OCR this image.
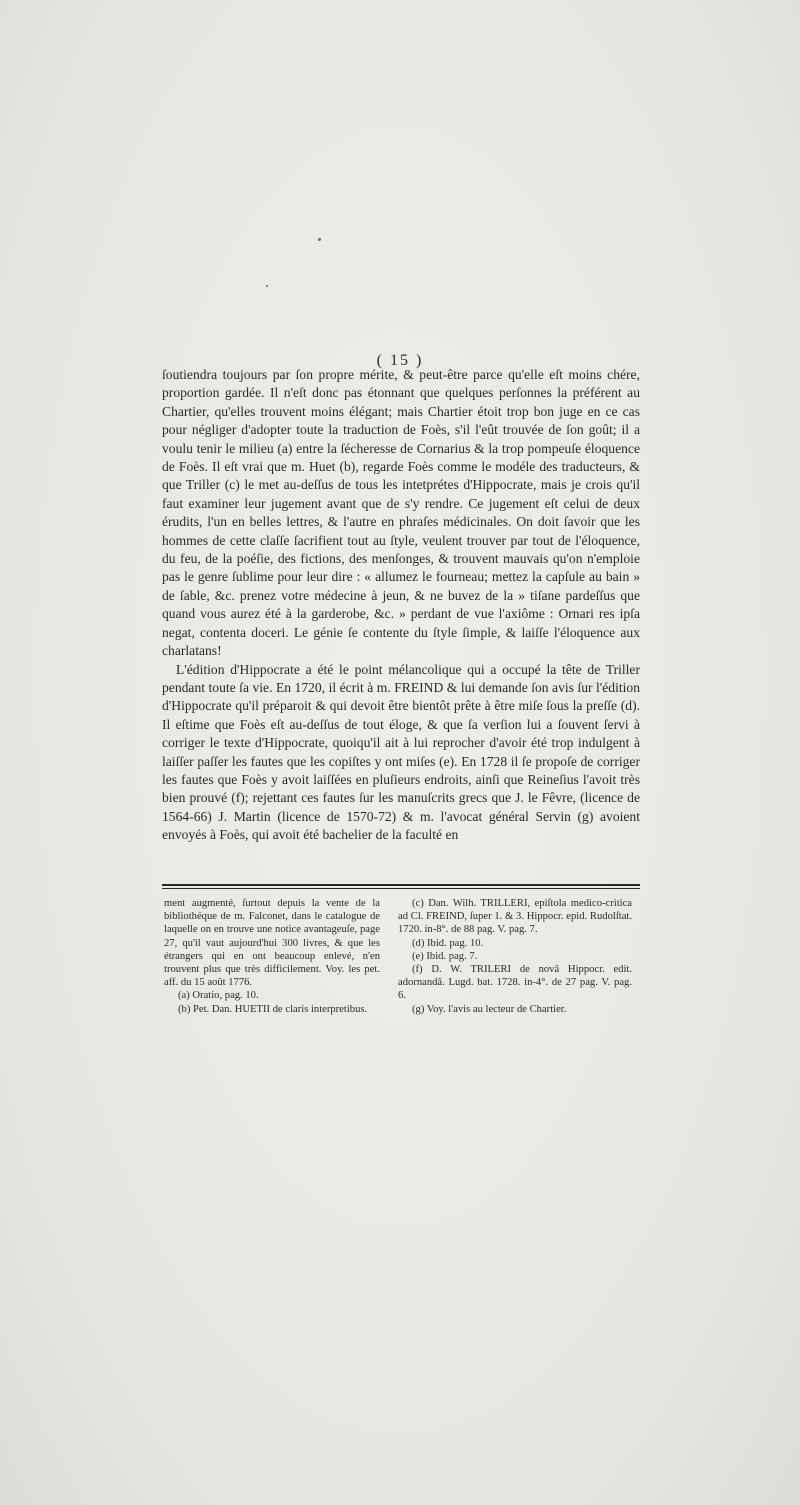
( 15 )

ſoutiendra toujours par ſon propre mérite, & peut-être parce qu'elle eſt moins chére, proportion gardée. Il n'eſt donc pas étonnant que quelques perſonnes la préférent au Chartier, qu'elles trouvent moins élégant; mais Chartier étoit trop bon juge en ce cas pour négliger d'adopter toute la traduction de Foès, s'il l'eût trouvée de ſon goût; il a voulu tenir le milieu (a) entre la ſécheresse de Cornarius & la trop pompeuſe éloquence de Foès. Il eſt vrai que m. Huet (b), regarde Foès comme le modéle des traducteurs, & que Triller (c) le met au-deſſus de tous les intetprétes d'Hippocrate, mais je crois qu'il faut examiner leur jugement avant que de s'y rendre. Ce jugement eſt celui de deux érudits, l'un en belles lettres, & l'autre en phraſes médicinales. On doit ſavoir que les hommes de cette claſſe ſacrifient tout au ſtyle, veulent trouver par tout de l'éloquence, du feu, de la poéſie, des fictions, des menſonges, & trouvent mauvais qu'on n'emploie pas le genre ſublime pour leur dire : « allumez le fourneau; mettez la capſule au bain » de ſable, &c. prenez votre médecine à jeun, & ne buvez de la » tiſane pardeſſus que quand vous aurez été à la garderobe, &c. » perdant de vue l'axiôme : Ornari res ipſa negat, contenta doceri. Le génie ſe contente du ſtyle ſimple, & laiſſe l'éloquence aux charlatans!

L'édition d'Hippocrate a été le point mélancolique qui a occupé la tête de Triller pendant toute ſa vie. En 1720, il écrit à m. FREIND & lui demande ſon avis ſur l'édition d'Hippocrate qu'il préparoit & qui devoit être bientôt prête à être miſe ſous la preſſe (d). Il eſtime que Foès eſt au-deſſus de tout éloge, & que ſa verſion lui a ſouvent ſervi à corriger le texte d'Hippocrate, quoiqu'il ait à lui reprocher d'avoir été trop indulgent à laiſſer paſſer les fautes que les copiſtes y ont miſes (e). En 1728 il ſe propoſe de corriger les fautes que Foès y avoit laiſſées en pluſieurs endroits, ainſi que Reineſius l'avoit très bien prouvé (f); rejettant ces fautes ſur les manuſcrits grecs que J. le Fêvre, (licence de 1564-66) J. Martin (licence de 1570-72) & m. l'avocat général Servin (g) avoient envoyés à Foès, qui avoit été bachelier de la faculté en

ment augmenté, ſurtout depuis la vente de la bibliothéque de m. Falconet, dans le catalogue de laquelle on en trouve une notice avantageuſe, page 27, qu'il vaut aujourd'hui 300 livres, & que les étrangers qui en ont beaucoup enlevé, n'en trouvent plus que très difficilement. Voy. les pet. aff. du 15 août 1776.

(a) Oratio, pag. 10.

(b) Pet. Dan. HUETII de claris interpretibus.

(c) Dan. Wilh. TRILLERI, epiſtola medico-critica ad Cl. FREIND, ſuper 1. & 3. Hippocr. epid. Rudolſtat. 1720. in-8°. de 88 pag. V. pag. 7.

(d) Ibid. pag. 10.

(e) Ibid. pag. 7.

(f) D. W. TRILERI de novâ Hippocr. edit. adornandâ. Lugd. bat. 1728. in-4°. de 27 pag. V. pag. 6.

(g) Voy. l'avis au lecteur de Chartier.
